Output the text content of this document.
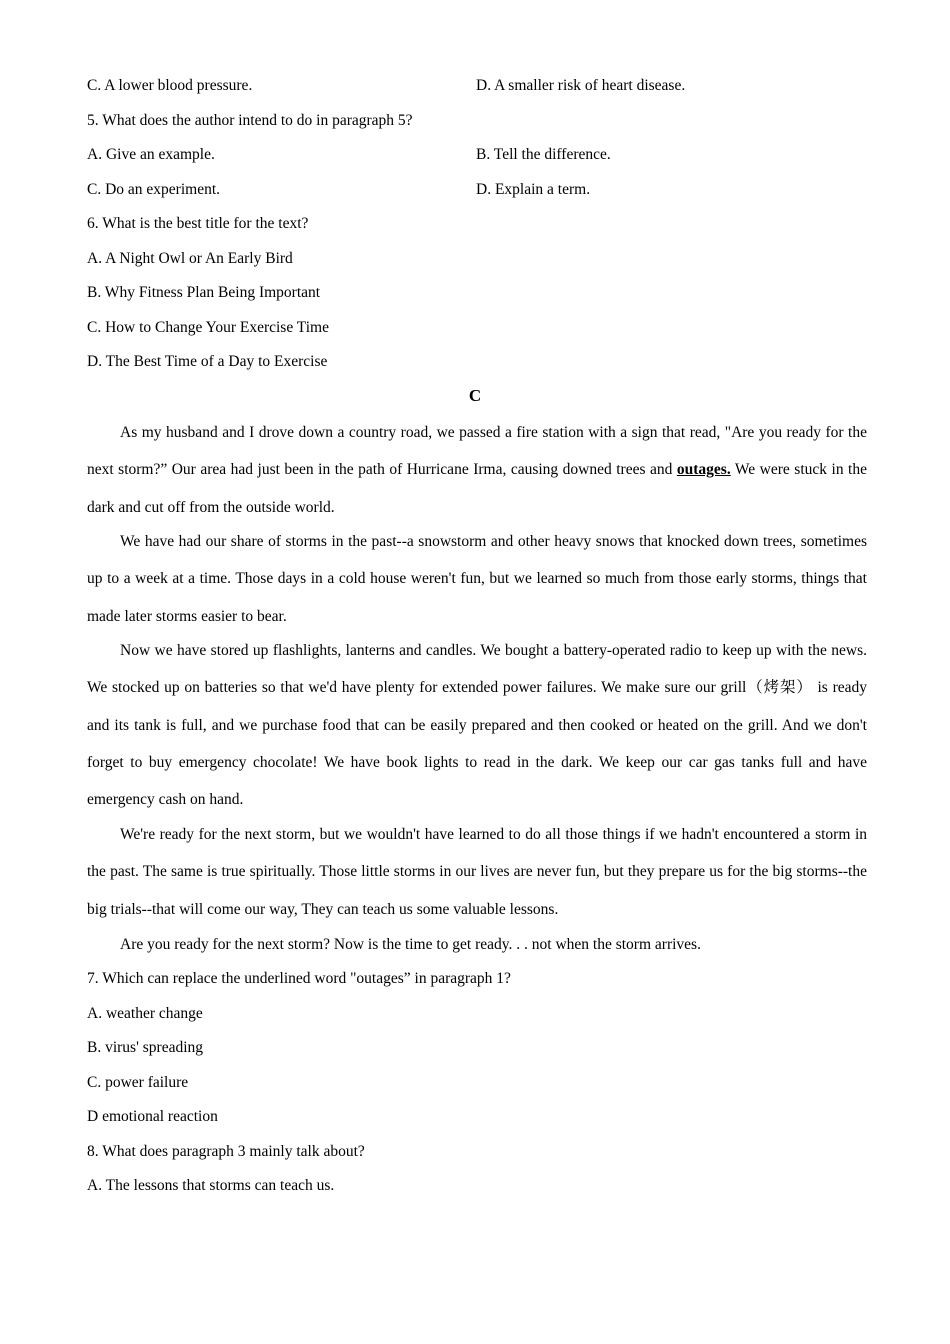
C. A lower blood pressure.	D. A smaller risk of heart disease.
5. What does the author intend to do in paragraph 5?
A. Give an example.	B. Tell the difference.
C. Do an experiment.	D. Explain a term.
6. What is the best title for the text?
A. A Night Owl or An Early Bird
B. Why Fitness Plan Being Important
C. How to Change Your Exercise Time
D. The Best Time of a Day to Exercise
C
As my husband and I drove down a country road, we passed a fire station with a sign that read, "Are you ready for the next storm?” Our area had just been in the path of Hurricane Irma, causing downed trees and outages. We were stuck in the dark and cut off from the outside world.
We have had our share of storms in the past--a snowstorm and other heavy snows that knocked down trees, sometimes up to a week at a time. Those days in a cold house weren't fun, but we learned so much from those early storms, things that made later storms easier to bear.
Now we have stored up flashlights, lanterns and candles. We bought a battery-operated radio to keep up with the news. We stocked up on batteries so that we'd have plenty for extended power failures. We make sure our grill（烤架） is ready and its tank is full, and we purchase food that can be easily prepared and then cooked or heated on the grill. And we don't forget to buy emergency chocolate! We have book lights to read in the dark. We keep our car gas tanks full and have emergency cash on hand.
We're ready for the next storm, but we wouldn't have learned to do all those things if we hadn't encountered a storm in the past. The same is true spiritually. Those little storms in our lives are never fun, but they prepare us for the big storms--the big trials--that will come our way, They can teach us some valuable lessons.
Are you ready for the next storm? Now is the time to get ready. . . not when the storm arrives.
7. Which can replace the underlined word "outages” in paragraph 1?
A. weather change
B. virus' spreading
C. power failure
D emotional reaction
8. What does paragraph 3 mainly talk about?
A. The lessons that storms can teach us.
